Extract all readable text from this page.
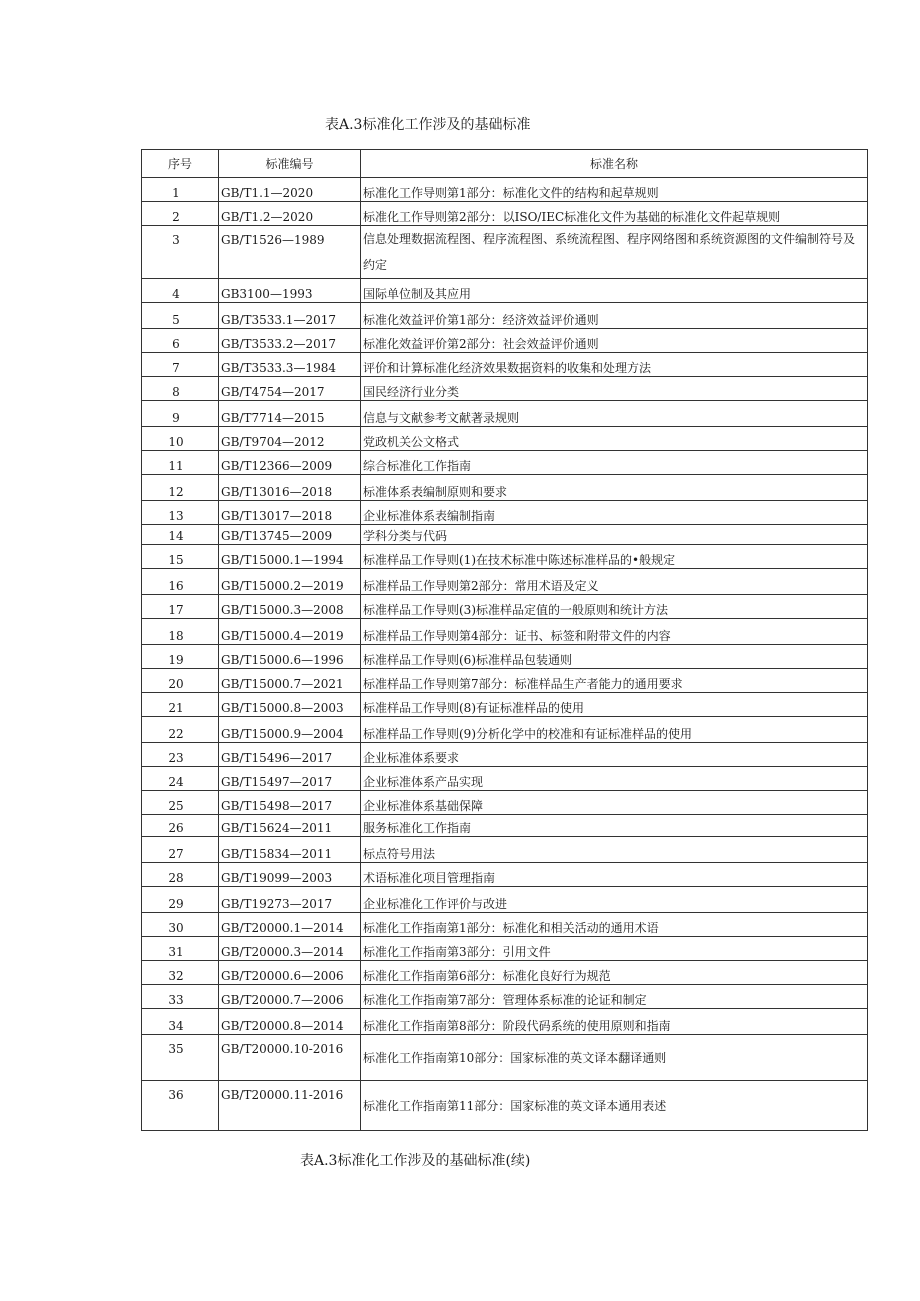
表A.3标准化工作涉及的基础标准
序号	标准编号	标准名称
1	GB/T1.1—2020	标准化工作导则第1部分：标准化文件的结构和起草规则
2	GB/T1.2—2020	标准化工作导则第2部分：以ISO/IEC标准化文件为基础的标准化文件起草规则
3	GB/T1526—1989	信息处理数据流程图、程序流程图、系统流程图、程序网络图和系统资源图的文件编制符号及约定
4	GB3100—1993	国际单位制及其应用
5	GB/T3533.1—2017	标准化效益评价第1部分：经济效益评价通则
6	GB/T3533.2—2017	标准化效益评价第2部分：社会效益评价通则
7	GB/T3533.3—1984	评价和计算标准化经济效果数据资料的收集和处理方法
8	GB/T4754—2017	国民经济行业分类
9	GB/T7714—2015	信息与文献参考文献著录规则
10	GB/T9704—2012	党政机关公文格式
11	GB/T12366—2009	综合标准化工作指南
12	GB/T13016—2018	标准体系表编制原则和要求
13	GB/T13017—2018	企业标准体系表编制指南
14	GB/T13745—2009	学科分类与代码
15	GB/T15000.1—1994	标准样品工作导则(1)在技术标准中陈述标准样品的•般规定
16	GB/T15000.2—2019	标准样品工作导则第2部分：常用术语及定义
17	GB/T15000.3—2008	标准样品工作导则(3)标准样品定值的一般原则和统计方法
18	GB/T15000.4—2019	标准样品工作导则第4部分：证书、标签和附带文件的内容
19	GB/T15000.6—1996	标准样品工作导则(6)标准样品包装通则
20	GB/T15000.7—2021	标准样品工作导则第7部分：标准样品生产者能力的通用要求
21	GB/T15000.8—2003	标准样品工作导则(8)有证标准样品的使用
22	GB/T15000.9—2004	标准样品工作导则(9)分析化学中的校准和有证标准样品的使用
23	GB/T15496—2017	企业标准体系要求
24	GB/T15497—2017	企业标准体系产品实现
25	GB/T15498—2017	企业标准体系基础保障
26	GB/T15624—2011	服务标准化工作指南
27	GB/T15834—2011	标点符号用法
28	GB/T19099—2003	术语标准化项目管理指南
29	GB/T19273—2017	企业标准化工作评价与改进
30	GB/T20000.1—2014	标准化工作指南第1部分：标准化和相关活动的通用术语
31	GB/T20000.3—2014	标准化工作指南第3部分：引用文件
32	GB/T20000.6—2006	标准化工作指南第6部分：标准化良好行为规范
33	GB/T20000.7—2006	标准化工作指南第7部分：管理体系标准的论证和制定
34	GB/T20000.8—2014	标准化工作指南第8部分：阶段代码系统的使用原则和指南
35	GB/T20000.10-2016	标准化工作指南第10部分：国家标准的英文译本翻译通则
36	GB/T20000.11-2016	标准化工作指南第11部分：国家标准的英文译本通用表述
表A.3标准化工作涉及的基础标准(续)
